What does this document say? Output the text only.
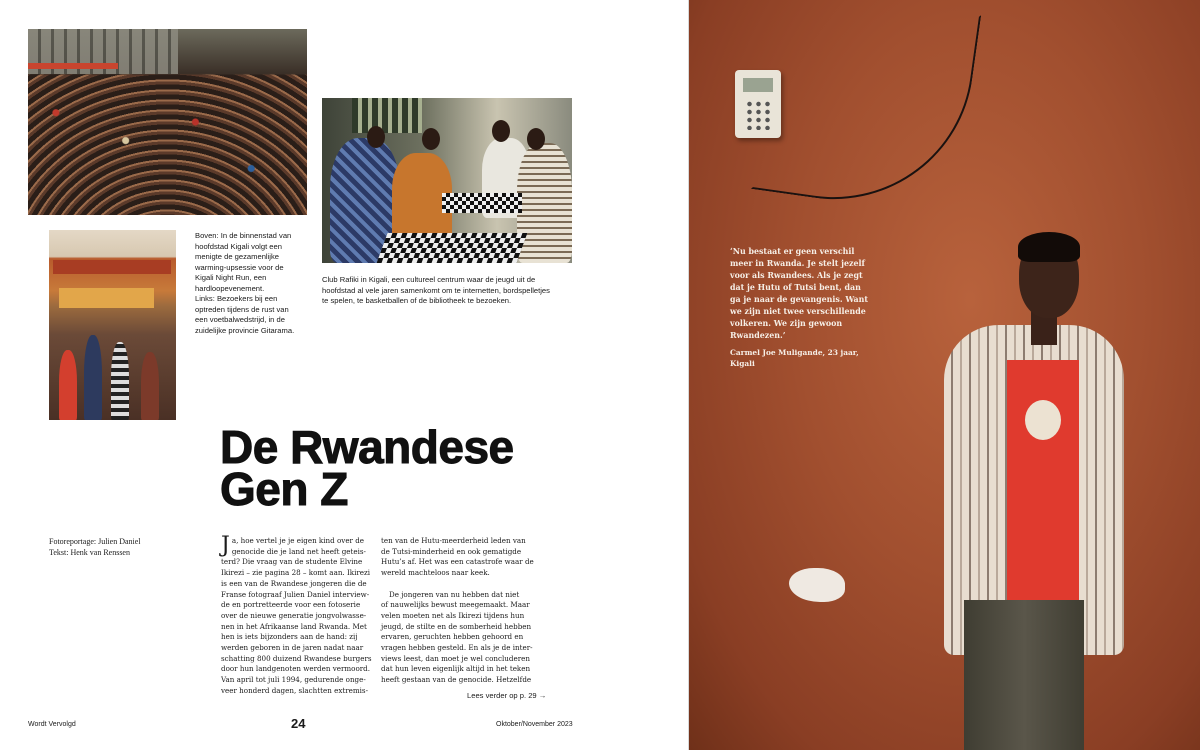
Boven: In de binnenstad van
hoofdstad Kigali volgt een
menigte de gezamenlijke
warming-upsessie voor de
Kigali Night Run, een
hardloopevenement.
Links: Bezoekers bij een
optreden tijdens de rust van
een voetbalwedstrijd, in de
zuidelijke provincie Gitarama.

Club Rafiki in Kigali, een cultureel centrum waar de jeugd uit de
hoofdstad al vele jaren samenkomt om te internetten, bordspelletjes
te spelen, te basketballen of de bibliotheek te bezoeken.

De Rwandese
Gen Z
Fotoreportage: Julien Daniel
Tekst: Henk van Renssen	J a, hoe vertel je je eigen kind over de
genocide die je land net heeft geteis-
terd? Die vraag van de studente Elvine
Ikirezi – zie pagina 28 – komt aan. Ikirezi
is een van de Rwandese jongeren die de
Franse fotograaf Julien Daniel interview-
de en portretteerde voor een fotoserie
over de nieuwe generatie jongvolwasse-
nen in het Afrikaanse land Rwanda. Met
hen is iets bijzonders aan de hand: zij
werden geboren in de jaren nadat naar
schatting 800 duizend Rwandese burgers
door hun landgenoten werden vermoord.
Van april tot juli 1994, gedurende onge-
veer honderd dagen, slachtten extremis-
ten van de Hutu-meerderheid leden van
de Tutsi-minderheid en ook gematigde
Hutu’s af. Het was een catastrofe waar de
wereld machteloos naar keek.
De jongeren van nu hebben dat niet
of nauwelijks bewust meegemaakt. Maar
velen moeten net als Ikirezi tijdens hun
jeugd, de stilte en de somberheid hebben
ervaren, geruchten hebben gehoord en
vragen hebben gesteld. En als je de inter-
views leest, dan moet je wel concluderen
dat hun leven eigenlijk altijd in het teken
heeft gestaan van de genocide. Hetzelfde
Lees verder op p. 29 →
Wordt Vervolgd	24	Oktober/November 2023

‘Nu bestaat er geen verschil
meer in Rwanda. Je stelt jezelf
voor als Rwandees. Als je zegt
dat je Hutu of Tutsi bent, dan
ga je naar de gevangenis. Want
we zijn niet twee verschillende
volkeren. We zijn gewoon
Rwandezen.’

Carmel Joe Muligande, 23 jaar,
Kigali
